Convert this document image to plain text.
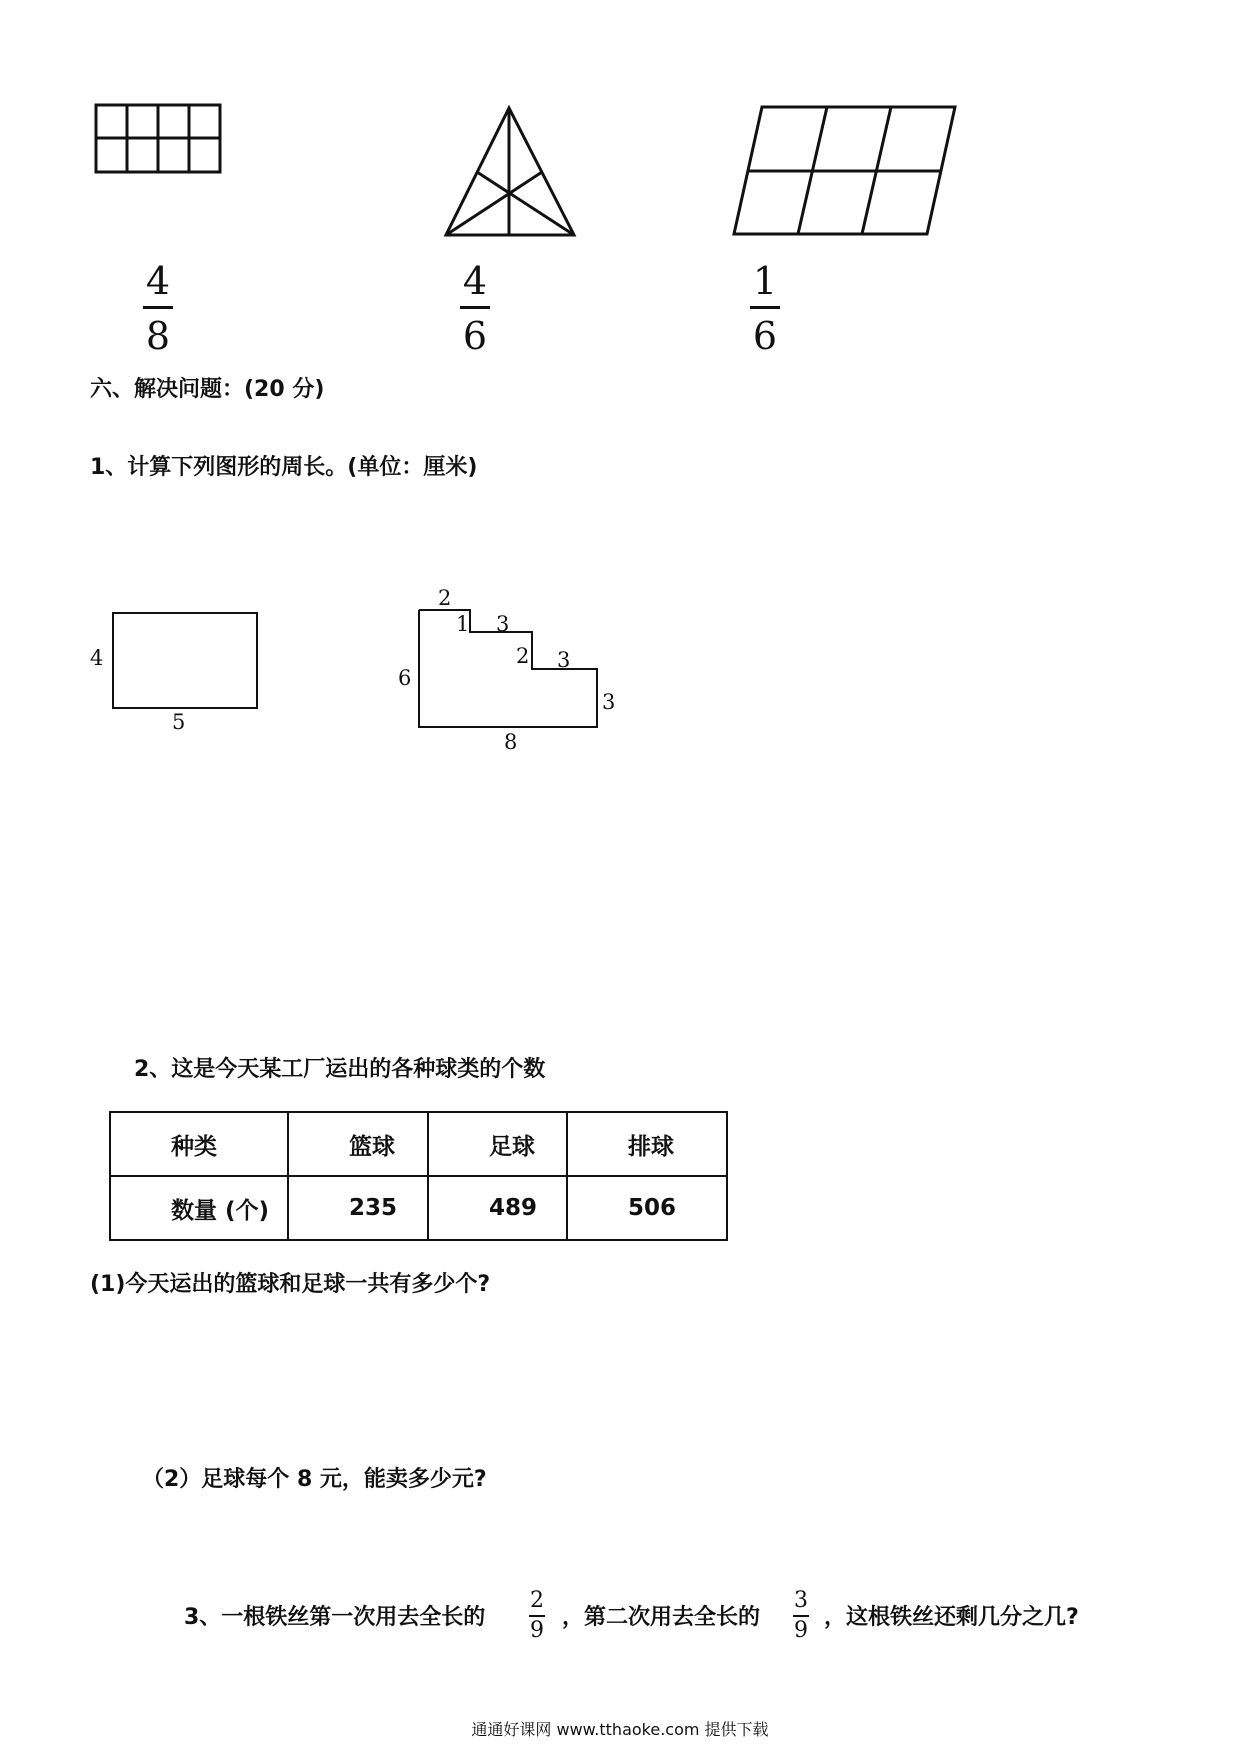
4
8
4
6
1
6
六、解决问题：(20 分)
1、计算下列图形的周长。(单位：厘米)
4
5
2
1 3
2 3
3
6
8
2、这是今天某工厂运出的各种球类的个数
种类	篮球	足球	排球
数量 (个)	235	489	506
(1)今天运出的篮球和足球一共有多少个?
（2）足球每个 8 元，能卖多少元?
3、一根铁丝第一次用去全长的
2
9
，第二次用去全长的
3
9
，这根铁丝还剩几分之几?
通通好课网 www.tthaoke.com 提供下载
